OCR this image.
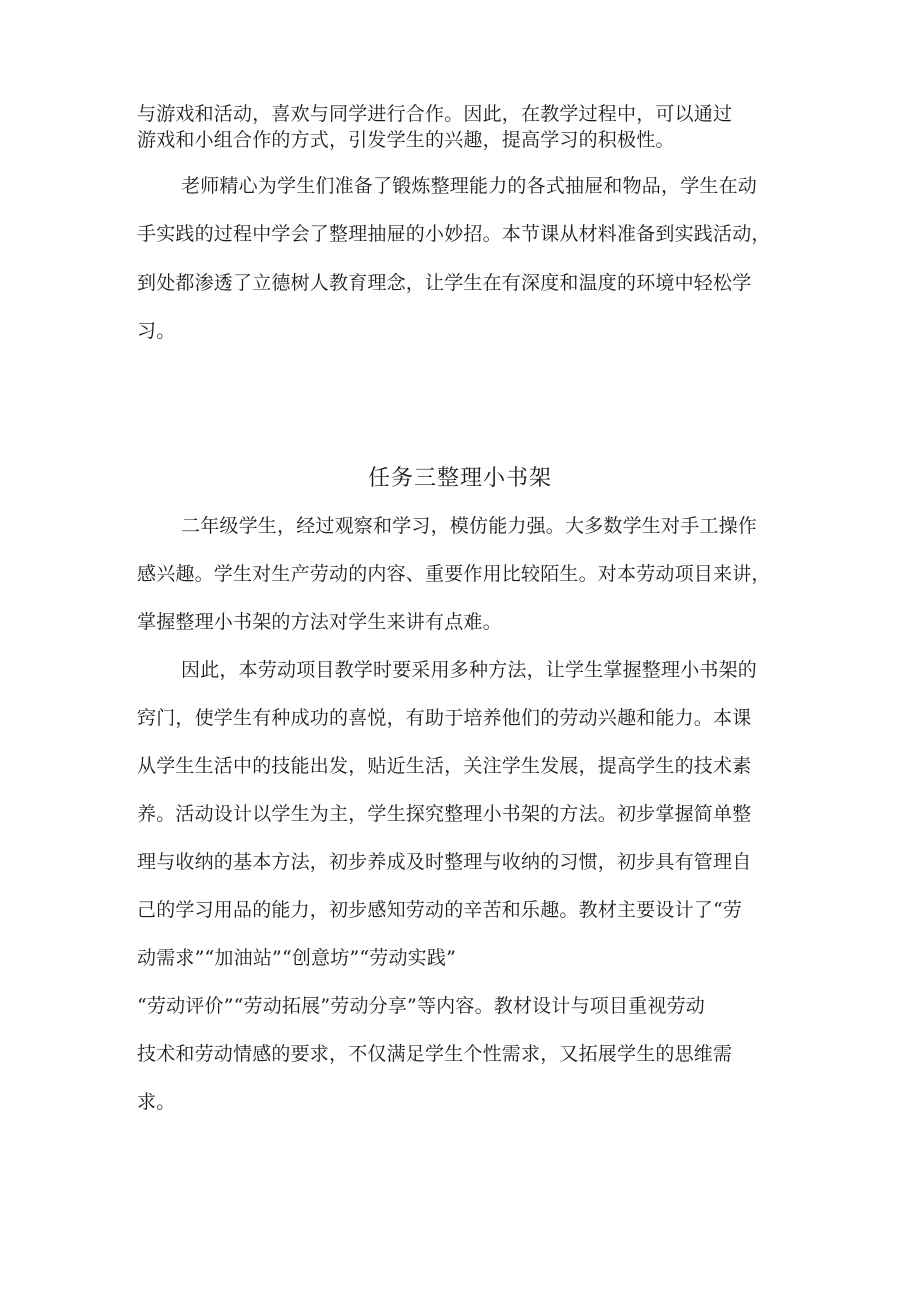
与游戏和活动，喜欢与同学进行合作。因此，在教学过程中，可以通过
游戏和小组合作的方式，引发学生的兴趣，提高学习的积极性。
老师精心为学生们准备了锻炼整理能力的各式抽屉和物品，学生在动
手实践的过程中学会了整理抽屉的小妙招。本节课从材料准备到实践活动，
到处都渗透了立德树人教育理念，让学生在有深度和温度的环境中轻松学
习。
任务三整理小书架
二年级学生，经过观察和学习，模仿能力强。大多数学生对手工操作
感兴趣。学生对生产劳动的内容、重要作用比较陌生。对本劳动项目来讲，
掌握整理小书架的方法对学生来讲有点难。
因此，本劳动项目教学时要采用多种方法，让学生掌握整理小书架的
窍门，使学生有种成功的喜悦，有助于培养他们的劳动兴趣和能力。本课
从学生生活中的技能出发，贴近生活，关注学生发展，提高学生的技术素
养。活动设计以学生为主，学生探究整理小书架的方法。初步掌握简单整
理与收纳的基本方法，初步养成及时整理与收纳的习惯，初步具有管理自
己的学习用品的能力，初步感知劳动的辛苦和乐趣。教材主要设计了“劳
动需求”“加油站”“创意坊”“劳动实践”
“劳动评价”“劳动拓展”劳动分享”等内容。教材设计与项目重视劳动
技术和劳动情感的要求，不仅满足学生个性需求，又拓展学生的思维需
求。
